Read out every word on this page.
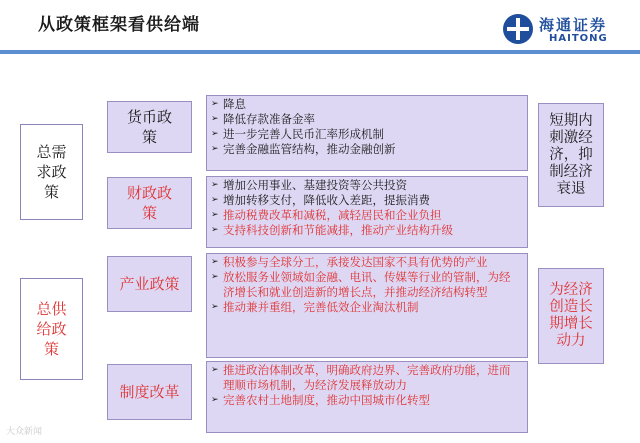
从政策框架看供给端	海通证券
HAITONG
总需求政策
总供给政策
货币政策
财政政策
产业政策
制度改革
➢ 降息
➢ 降低存款准备金率
➢ 进一步完善人民币汇率形成机制
➢ 完善金融监管结构，推动金融创新
➢ 增加公用事业、基建投资等公共投资
➢ 增加转移支付，降低收入差距，提振消费
➢ 推动税费改革和减税，减轻居民和企业负担
➢ 支持科技创新和节能减排，推动产业结构升级
➢ 积极参与全球分工，承接发达国家不具有优势的产业
➢ 放松服务业领域如金融、电讯、传媒等行业的管制，为经济增长和就业创造新的增长点，并推动经济结构转型
➢ 推动兼并重组，完善低效企业淘汰机制
➢ 推进政治体制改革，明确政府边界、完善政府功能，进而理顺市场机制，为经济发展释放动力
➢ 完善农村土地制度，推动中国城市化转型
短期内刺激经济，抑制经济衰退
为经济创造长期增长动力
大众新闻
